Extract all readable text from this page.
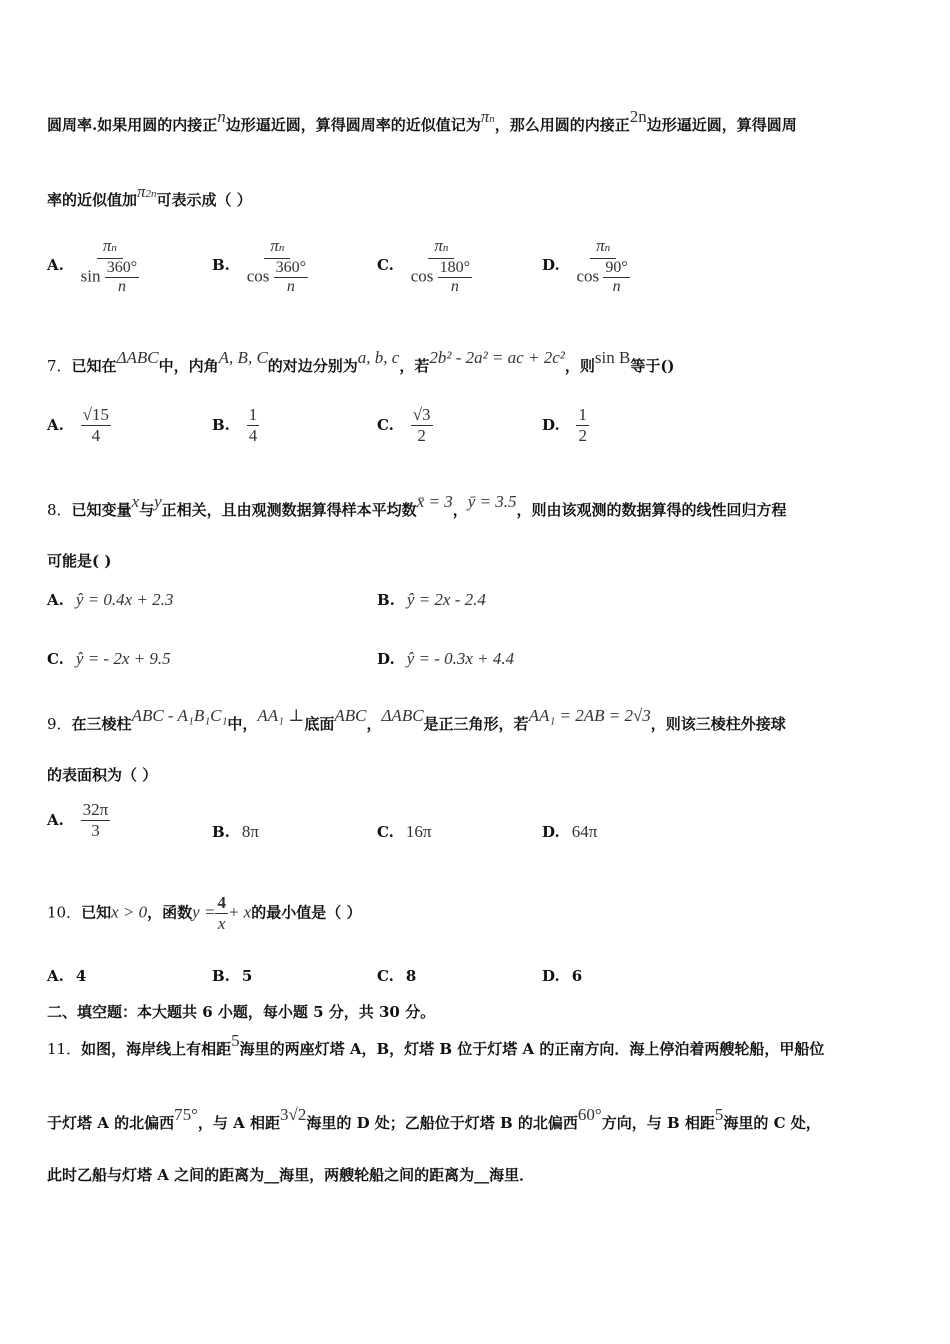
圆周率.如果用圆的内接正n边形逼近圆，算得圆周率的近似值记为πn，那么用圆的内接正2n边形逼近圆，算得圆周
率的近似值加π2n可表示成（ ）
A. $\frac{\pi n}{\sin \frac{360^\circ}{n}}$	B. $\frac{\pi n}{\cos \frac{360^\circ}{n}}$	C. $\frac{\pi n}{\cos \frac{180^\circ}{n}}$	D. $\frac{\pi n}{\cos \frac{90^\circ}{n}}$
7．已知在ΔABC中，内角A, B, C的对边分别为a, b, c，若2b² - 2a² = ac + 2c²，则sin B等于()
A. $\frac{√15}{4}$	B. $\frac{1}{4}$	C. $\frac{√3}{2}$	D. $\frac{1}{2}$
8．已知变量x与y正相关，且由观测数据算得样本平均数x̄ = 3，ȳ = 3.5，则由该观测的数据算得的线性回归方程
可能是( )
A. ŷ = 0.4x + 2.3	B. ŷ = 2x - 2.4
C. ŷ = - 2x + 9.5	D. ŷ = - 0.3x + 4.4
9．在三棱柱ABC - A₁B₁C₁中，AA₁ ⊥底面ABC，ΔABC是正三角形，若AA₁ = 2AB = 2√3，则该三棱柱外接球
的表面积为（ ）
A. $\frac{32\pi}{3}$	B. 8π	C. 16π	D. 64π
10．已知x > 0，函数$y = \frac{4}{x} + x$的最小值是（ ）
A. 4	B. 5	C. 8	D. 6
二、填空题：本大题共 6 小题，每小题 5 分，共 30 分。
11．如图，海岸线上有相距5海里的两座灯塔 A，B，灯塔 B 位于灯塔 A 的正南方向．海上停泊着两艘轮船，甲船位
于灯塔 A 的北偏西75°，与 A 相距3√2海里的 D 处；乙船位于灯塔 B 的北偏西60°方向，与 B 相距5海里的 C 处，
此时乙船与灯塔 A 之间的距离为__海里，两艘轮船之间的距离为__海里．
